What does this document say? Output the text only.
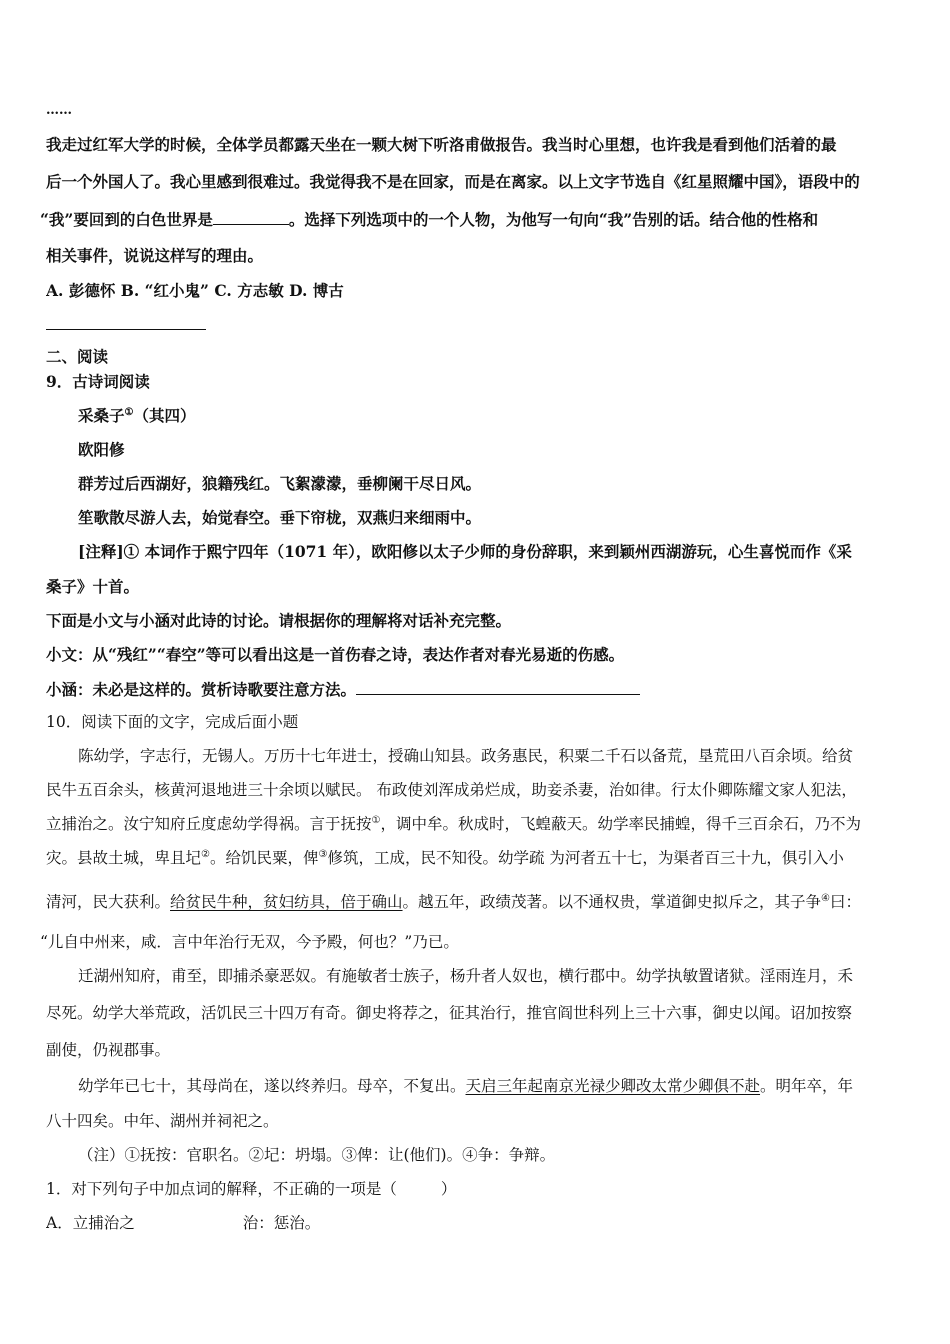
……
我走过红军大学的时候，全体学员都露天坐在一颗大树下听洛甫做报告。我当时心里想，也许我是看到他们活着的最
后一个外国人了。我心里感到很难过。我觉得我不是在回家，而是在离家。以上文字节选自《红星照耀中国》，语段中的
“我”要回到的白色世界是	。选择下列选项中的一个人物，为他写一句向“我”告别的话。结合他的性格和
相关事件，说说这样写的理由。
A. 彭德怀 B. “红小鬼” C. 方志敏 D. 博古
二、阅读
9．古诗词阅读
采桑子①（其四）
欧阳修
群芳过后西湖好，狼籍残红。飞絮濛濛，垂柳阑干尽日风。
笙歌散尽游人去，始觉春空。垂下帘栊，双燕归来细雨中。
[注释]① 本词作于熙宁四年（1071 年），欧阳修以太子少师的身份辞职，来到颖州西湖游玩，心生喜悦而作《采
桑子》十首。
下面是小文与小涵对此诗的讨论。请根据你的理解将对话补充完整。
小文：从“残红”“春空”等可以看出这是一首伤春之诗，表达作者对春光易逝的伤感。
小涵：未必是这样的。赏析诗歌要注意方法。
10．阅读下面的文字，完成后面小题
陈幼学，字志行，无锡人。万历十七年进士，授确山知县。政务惠民，积粟二千石以备荒，垦荒田八百余顷。给贫
民牛五百余头，核黄河退地进三十余顷以赋民。 布政使刘浑成弟烂成，助妾杀妻，治如律。行太仆卿陈耀文家人犯法，
立捕治之。汝宁知府丘度虑幼学得祸。言于抚按①，调中牟。秋成时，飞蝗蔽天。幼学率民捕蝗，得千三百余石，乃不为
灾。县故土城，卑且圮②。给饥民粟，俾③修筑，工成，民不知役。幼学疏 为河者五十七，为渠者百三十九，俱引入小
清河，民大获利。给贫民牛种，贫妇纺具，倍于确山。越五年，政绩茂著。以不通权贵，掌道御史拟斥之，其子争④曰：
“儿自中州来，咸．言中年治行无双，今予殿，何也？”乃已。
迁湖州知府，甫至，即捕杀豪恶奴。有施敏者士族子，杨升者人奴也，横行郡中。幼学执敏置诸狱。淫雨连月，禾
尽死。幼学大举荒政，活饥民三十四万有奇。御史将荐之，征其治行，推官阎世科列上三十六事，御史以闻。诏加按察
副使，仍视郡事。
幼学年已七十，其母尚在，遂以终养归。母卒，不复出。天启三年起南京光禄少卿改太常少卿俱不赴。明年卒，年
八十四矣。中年、湖州并祠祀之。
（注）①抚按：官职名。②圮：坍塌。③俾：让(他们)。④争：争辩。
1．对下列句子中加点词的解释，不正确的一项是（	）
A．立捕治之	治：惩治。
